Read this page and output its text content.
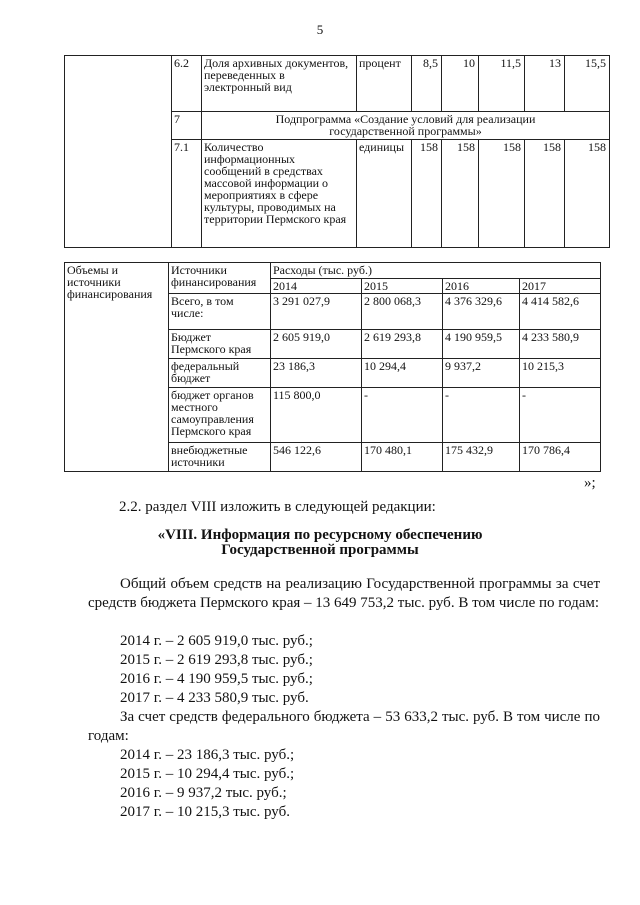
5
	6.2	Доля архивных документов, переведенных в электронный вид	процент	8,5	10	11,5	13	15,5
	7	Подпрограмма «Создание условий для реализации государственной программы»						
	7.1	Количество информационных сообщений в средствах массовой информации о мероприятиях в сфере культуры, проводимых на территории Пермского края	единицы	158	158	158	158	158
Объемы и источники финансирования	Источники финансирования	Расходы (тыс. руб.)			
		2014	2015	2016	2017
	Всего, в том числе:	3 291 027,9	2 800 068,3	4 376 329,6	4 414 582,6
	Бюджет Пермского края	2 605 919,0	2 619 293,8	4 190 959,5	4 233 580,9
	федеральный бюджет	23 186,3	10 294,4	9 937,2	10 215,3
	бюджет органов местного самоуправления Пермского края	115 800,0	-	-	-
	внебюджетные источники	546 122,6	170 480,1	175 432,9	170 786,4
»;
2.2. раздел VIII изложить в следующей редакции:
«VIII. Информация по ресурсному обеспечению
Государственной программы
Общий объем средств на реализацию Государственной программы за счет средств бюджета Пермского края – 13 649 753,2 тыс. руб. В том числе по годам:
2014 г. – 2 605 919,0 тыс. руб.;
2015 г. – 2 619 293,8 тыс. руб.;
2016 г. – 4 190 959,5 тыс. руб.;
2017 г. – 4 233 580,9 тыс. руб.
За счет средств федерального бюджета – 53 633,2 тыс. руб. В том числе по годам:
2014 г. – 23 186,3 тыс. руб.;
2015 г. – 10 294,4 тыс. руб.;
2016 г. – 9 937,2 тыс. руб.;
2017 г. – 10 215,3 тыс. руб.
